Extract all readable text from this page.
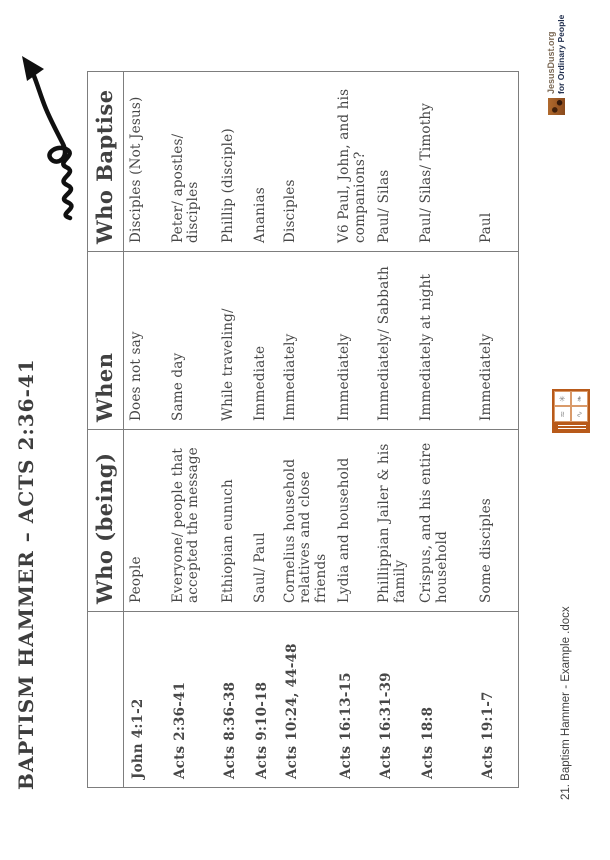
BAPTISM HAMMER – ACTS 2:36-41
		Who (being)	When	Who Baptise
John 4:1-2	People	Does not say	Disciples (Not Jesus)
Acts 2:36-41	Everyone/ people that accepted the message	Same day	Peter/ apostles/ disciples
Acts 8:36-38	Ethiopian eunuch	While traveling/	Phillip (disciple)
Acts 9:10-18	Saul/ Paul	Immediate	Ananias
Acts 10:24, 44-48	Cornelius household relatives and close friends	Immediately	Disciples
Acts 16:13-15	Lydia and household	Immediately	V6 Paul, John, and his companions?
Acts 16:31-39	Phillippian Jailer & his family	Immediately/ Sabbath	Paul/ Silas
Acts 18:8	Crispus, and his entire household	Immediately at night	Paul/ Silas/ Timothy
Acts 19:1-7	Some disciples	Immediately	Paul
≈
✳
∿
❧
JesusDust.org for Ordinary People
21. Baptism Hammer - Example .docx
